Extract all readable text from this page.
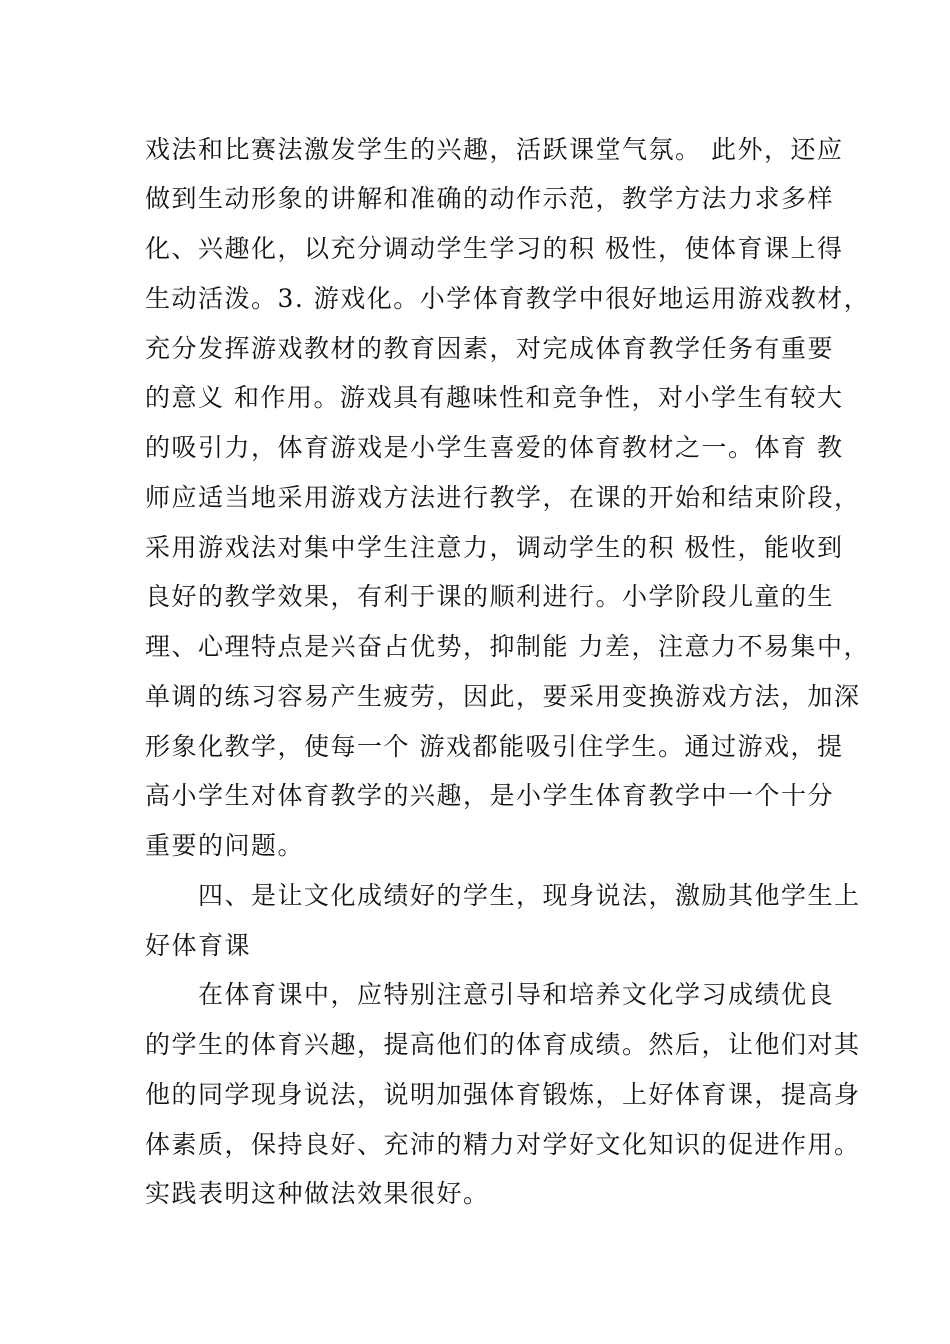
戏法和比赛法激发学生的兴趣，活跃课堂气氛。 此外，还应
做到生动形象的讲解和准确的动作示范，教学方法力求多样
化、兴趣化，以充分调动学生学习的积 极性，使体育课上得
生动活泼。3. 游戏化。小学体育教学中很好地运用游戏教材，
充分发挥游戏教材的教育因素，对完成体育教学任务有重要
的意义 和作用。游戏具有趣味性和竞争性，对小学生有较大
的吸引力，体育游戏是小学生喜爱的体育教材之一。体育 教
师应适当地采用游戏方法进行教学，在课的开始和结束阶段，
采用游戏法对集中学生注意力，调动学生的积 极性，能收到
良好的教学效果，有利于课的顺利进行。小学阶段儿童的生
理、心理特点是兴奋占优势，抑制能 力差，注意力不易集中，
单调的练习容易产生疲劳，因此，要采用变换游戏方法，加深
形象化教学，使每一个 游戏都能吸引住学生。通过游戏，提
高小学生对体育教学的兴趣，是小学生体育教学中一个十分
重要的问题。
四、是让文化成绩好的学生，现身说法，激励其他学生上
好体育课
在体育课中，应特别注意引导和培养文化学习成绩优良
的学生的体育兴趣，提高他们的体育成绩。然后，让他们对其
他的同学现身说法，说明加强体育锻炼，上好体育课，提高身
体素质，保持良好、充沛的精力对学好文化知识的促进作用。
实践表明这种做法效果很好。
